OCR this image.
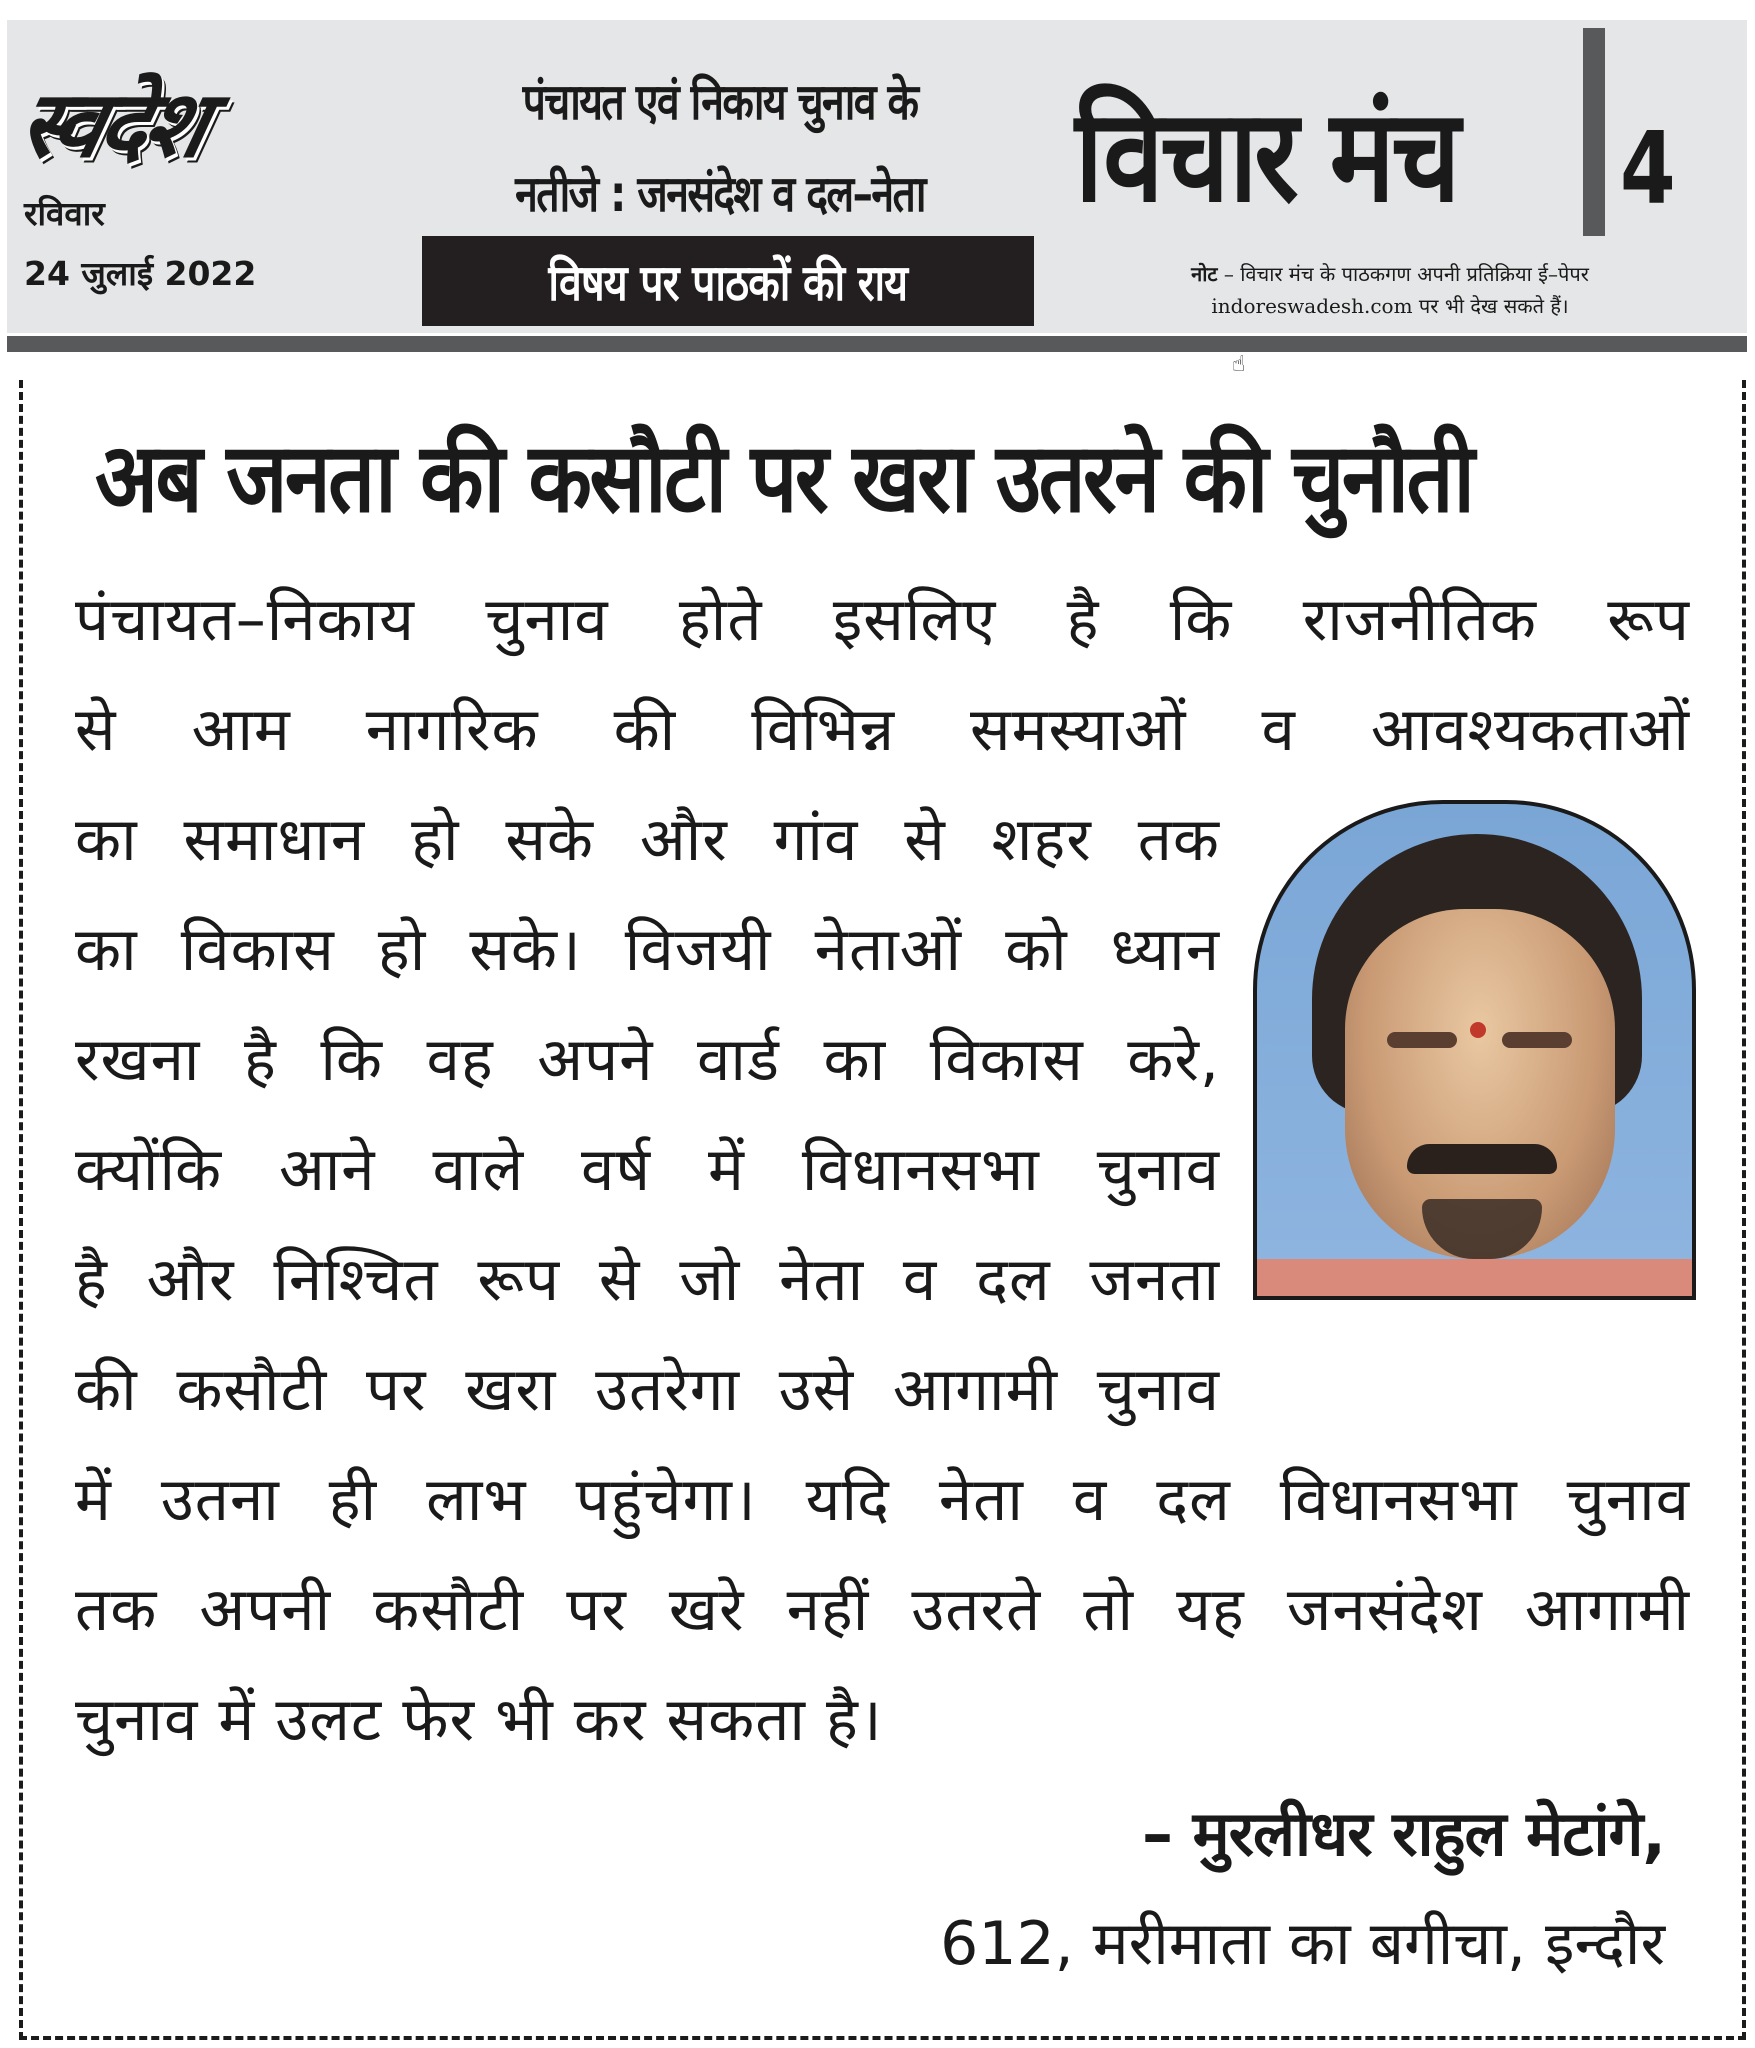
स्वदेश
रविवार
24 जुलाई 2022
पंचायत एवं निकाय चुनाव के
नतीजे : जनसंदेश व दल–नेता
विषय पर पाठकों की राय
विचार मंच 4
नोट – विचार मंच के पाठकगण अपनी प्रतिक्रिया ई–पेपर
indoreswadesh.com पर भी देख सकते हैं।
☝
अब जनता की कसौटी पर खरा उतरने की चुनौती
पंचायत–निकाय चुनाव होते इसलिए है कि राजनीतिक रूप
से आम नागरिक की विभिन्न समस्याओं व आवश्यकताओं
का समाधान हो सके और गांव से शहर तक
का विकास हो सके। विजयी नेताओं को ध्यान
रखना है कि वह अपने वार्ड का विकास करे,
क्योंकि आने वाले वर्ष में विधानसभा चुनाव
है और निश्चित रूप से जो नेता व दल जनता
की कसौटी पर खरा उतरेगा उसे आगामी चुनाव
में उतना ही लाभ पहुंचेगा। यदि नेता व दल विधानसभा चुनाव
तक अपनी कसौटी पर खरे नहीं उतरते तो यह जनसंदेश आगामी
चुनाव में उलट फेर भी कर सकता है।
– मुरलीधर राहुल मेटांगे,
612, मरीमाता का बगीचा, इन्दौर
